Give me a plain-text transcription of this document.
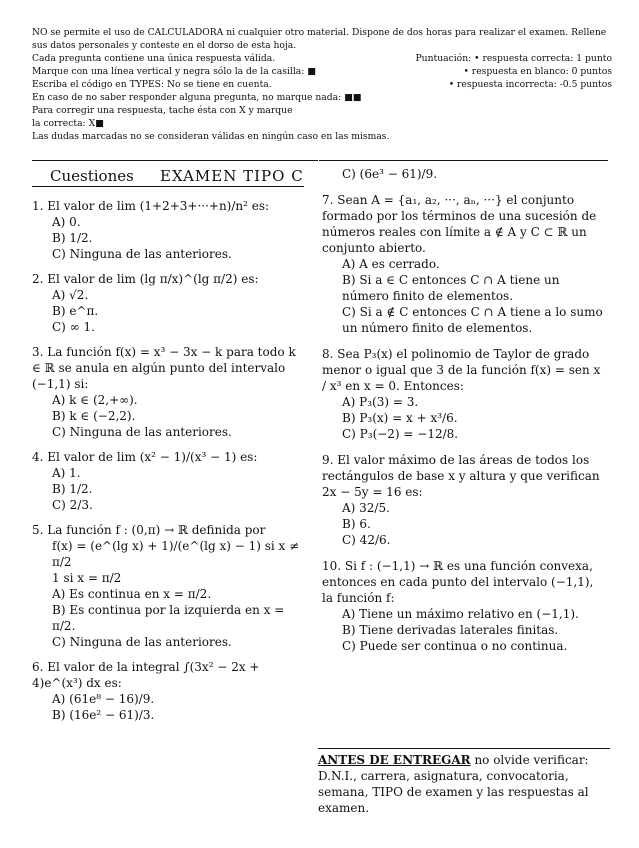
NO se permite el uso de CALCULADORA ni cualquier otro material. Dispone de dos horas para realizar el examen. Rellene sus datos personales y conteste en el dorso de esta hoja.

Cada pregunta contiene una única respuesta válida.	Puntuación: • respuesta correcta: 1 punto
Marque con una línea vertical y negra sólo la de la casilla: ■	• respuesta en blanco: 0 puntos
Escriba el código en TYPES: No se tiene en cuenta.	• respuesta incorrecta: -0.5 puntos
En caso de no saber responder alguna pregunta, no marque nada: ■■
Para corregir una respuesta, tache ésta con X y marque
la correcta: X■
Las dudas marcadas no se consideran válidas en ningún caso en las mismas.
Cuestiones EXAMEN TIPO C

1. El valor de lim (1+2+3+···+n)/n² es:

A) 0.

B) 1/2.

C) Ninguna de las anteriores.

2. El valor de lim (lg π/x)^(lg π/2) es:

A) √2.

B) e^π.

C) ∞ 1.

3. La función f(x) = x³ − 3x − k para todo k ∈ ℝ se anula en algún punto del intervalo (−1,1) si:

A) k ∈ (2,+∞).

B) k ∈ (−2,2).

C) Ninguna de las anteriores.

4. El valor de lim (x² − 1)/(x³ − 1) es:

A) 1.

B) 1/2.

C) 2/3.

5. La función f : (0,π) → ℝ definida por

f(x) = (e^(lg x) + 1)/(e^(lg x) − 1) si x ≠ π/2

1 si x = π/2

A) Es continua en x = π/2.

B) Es continua por la izquierda en x = π/2.

C) Ninguna de las anteriores.

6. El valor de la integral ∫(3x² − 2x + 4)e^(x³) dx es:

A) (61e⁸ − 16)/9.

B) (16e² − 61)/3.

C) (6e³ − 61)/9.

7. Sean A = {a₁, a₂, ···, aₙ, ···} el conjunto formado por los términos de una sucesión de números reales con límite a ∉ A y C ⊂ ℝ un conjunto abierto.

A) A es cerrado.

B) Si a ∈ C entonces C ∩ A tiene un número finito de elementos.

C) Si a ∉ C entonces C ∩ A tiene a lo sumo un número finito de elementos.

8. Sea P₃(x) el polinomio de Taylor de grado menor o igual que 3 de la función f(x) = sen x / x³ en x = 0. Entonces:

A) P₃(3) = 3.

B) P₃(x) = x + x³/6.

C) P₃(−2) = −12/8.

9. El valor máximo de las áreas de todos los rectángulos de base x y altura y que verifican 2x − 5y = 16 es:

A) 32/5.

B) 6.

C) 42/6.

10. Si f : (−1,1) → ℝ es una función convexa, entonces en cada punto del intervalo (−1,1), la función f:

A) Tiene un máximo relativo en (−1,1).

B) Tiene derivadas laterales finitas.

C) Puede ser continua o no continua.

ANTES DE ENTREGAR no olvide verificar: D.N.I., carrera, asignatura, convocatoria, semana, TIPO de examen y las respuestas al examen.
